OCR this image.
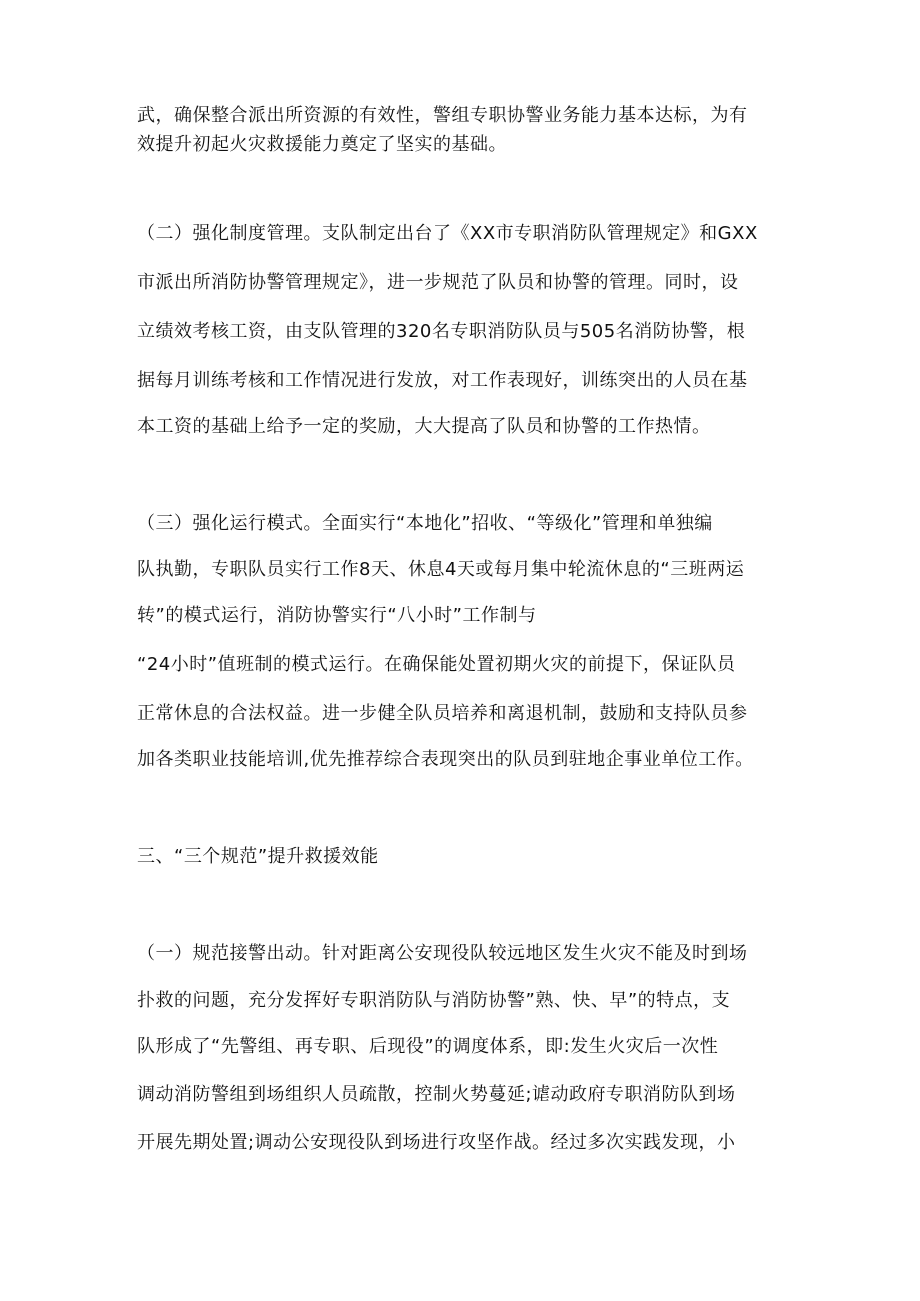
武，确保整合派出所资源的有效性，警组专职协警业务能力基本达标，为有
效提升初起火灾救援能力奠定了坚实的基础。
（二）强化制度管理。支队制定出台了《XX市专职消防队管理规定》和GXX
市派出所消防协警管理规定》，进一步规范了队员和协警的管理。同时，设
立绩效考核工资，由支队管理的320名专职消防队员与505名消防协警，根
据每月训练考核和工作情况进行发放，对工作表现好，训练突出的人员在基
本工资的基础上给予一定的奖励，大大提高了队员和协警的工作热情。
（三）强化运行模式。全面实行“本地化”招收、“等级化”管理和单独编
队执勤，专职队员实行工作8天、休息4天或每月集中轮流休息的“三班两运
转”的模式运行，消防协警实行“八小时”工作制与
“24小时”值班制的模式运行。在确保能处置初期火灾的前提下，保证队员
正常休息的合法权益。进一步健全队员培养和离退机制，鼓励和支持队员参
加各类职业技能培训,优先推荐综合表现突出的队员到驻地企事业单位工作。
三、“三个规范”提升救援效能
（一）规范接警出动。针对距离公安现役队较远地区发生火灾不能及时到场
扑救的问题，充分发挥好专职消防队与消防协警”熟、快、早”的特点，支
队形成了“先警组、再专职、后现役”的调度体系，即:发生火灾后一次性
调动消防警组到场组织人员疏散，控制火势蔓延;谑动政府专职消防队到场
开展先期处置;调动公安现役队到场进行攻坚作战。经过多次实践发现，小
